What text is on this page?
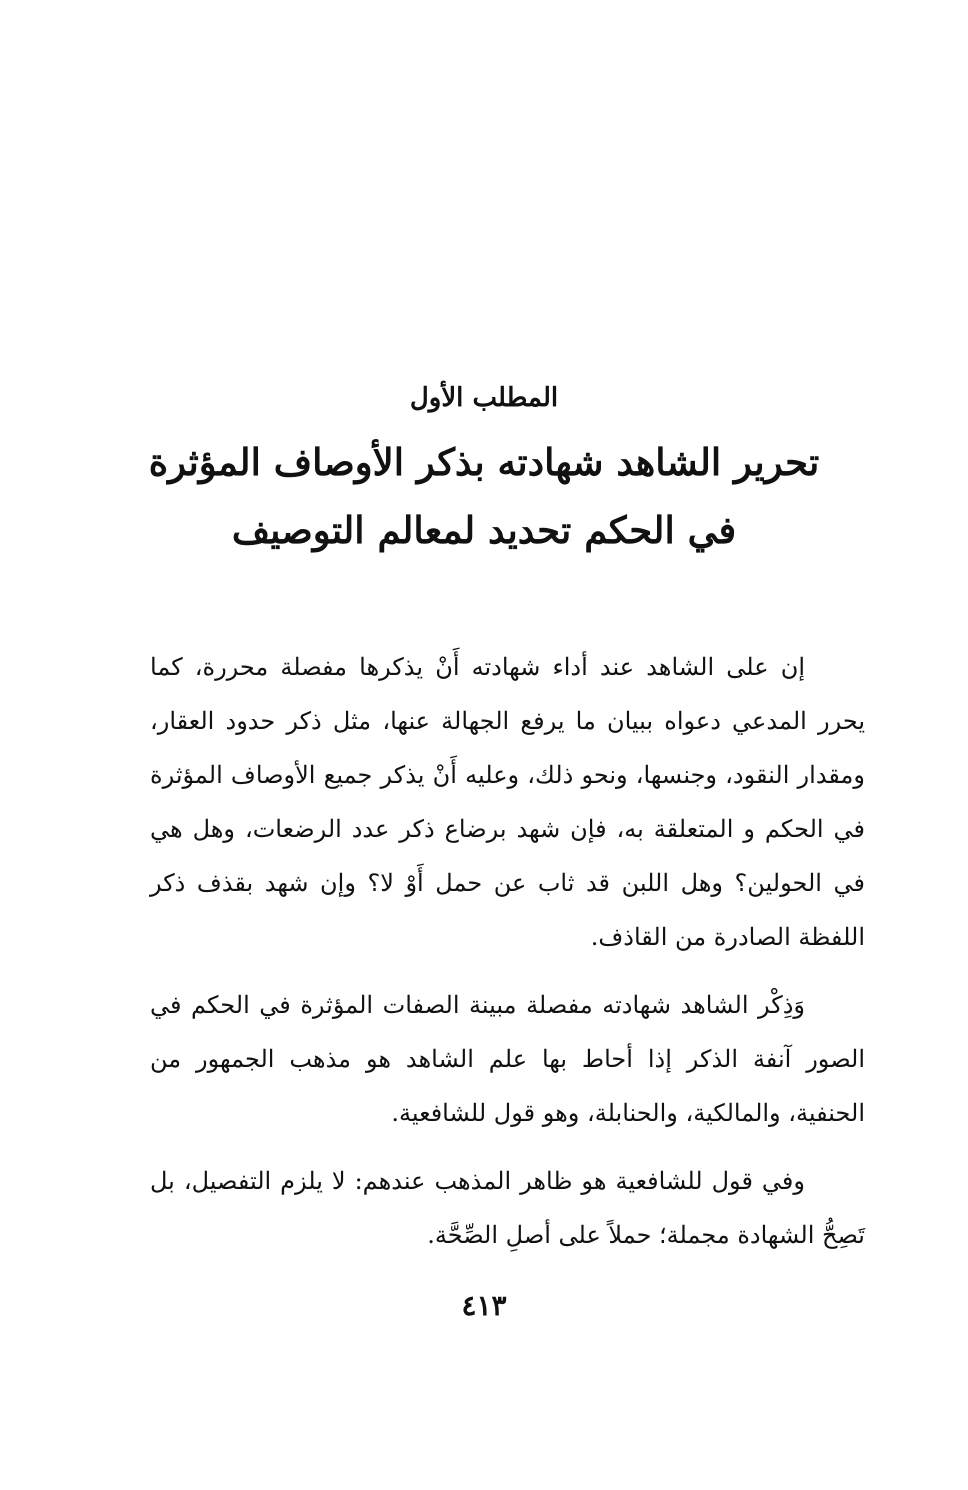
المطلب الأول
تحرير الشاهد شهادته بذكر الأوصاف المؤثرة
في الحكم تحديد لمعالم التوصيف

إن على الشاهد عند أداء شهادته أَنْ يذكرها مفصلة محررة، كما يحرر المدعي دعواه ببيان ما يرفع الجهالة عنها، مثل ذكر حدود العقار، ومقدار النقود، وجنسها، ونحو ذلك، وعليه أَنْ يذكر جميع الأوصاف المؤثرة في الحكم و المتعلقة به، فإن شهد برضاع ذكر عدد الرضعات، وهل هي في الحولين؟ وهل اللبن قد ثاب عن حمل أَوْ لا؟ وإن شهد بقذف ذكر اللفظة الصادرة من القاذف.

وَذِكْر الشاهد شهادته مفصلة مبينة الصفات المؤثرة في الحكم في الصور آنفة الذكر إذا أحاط بها علم الشاهد هو مذهب الجمهور من الحنفية، والمالكية، والحنابلة، وهو قول للشافعية.

وفي قول للشافعية هو ظاهر المذهب عندهم: لا يلزم التفصيل، بل تَصِحُّ الشهادة مجملة؛ حملاً على أصلِ الصِّحَّة.

٤١٣
